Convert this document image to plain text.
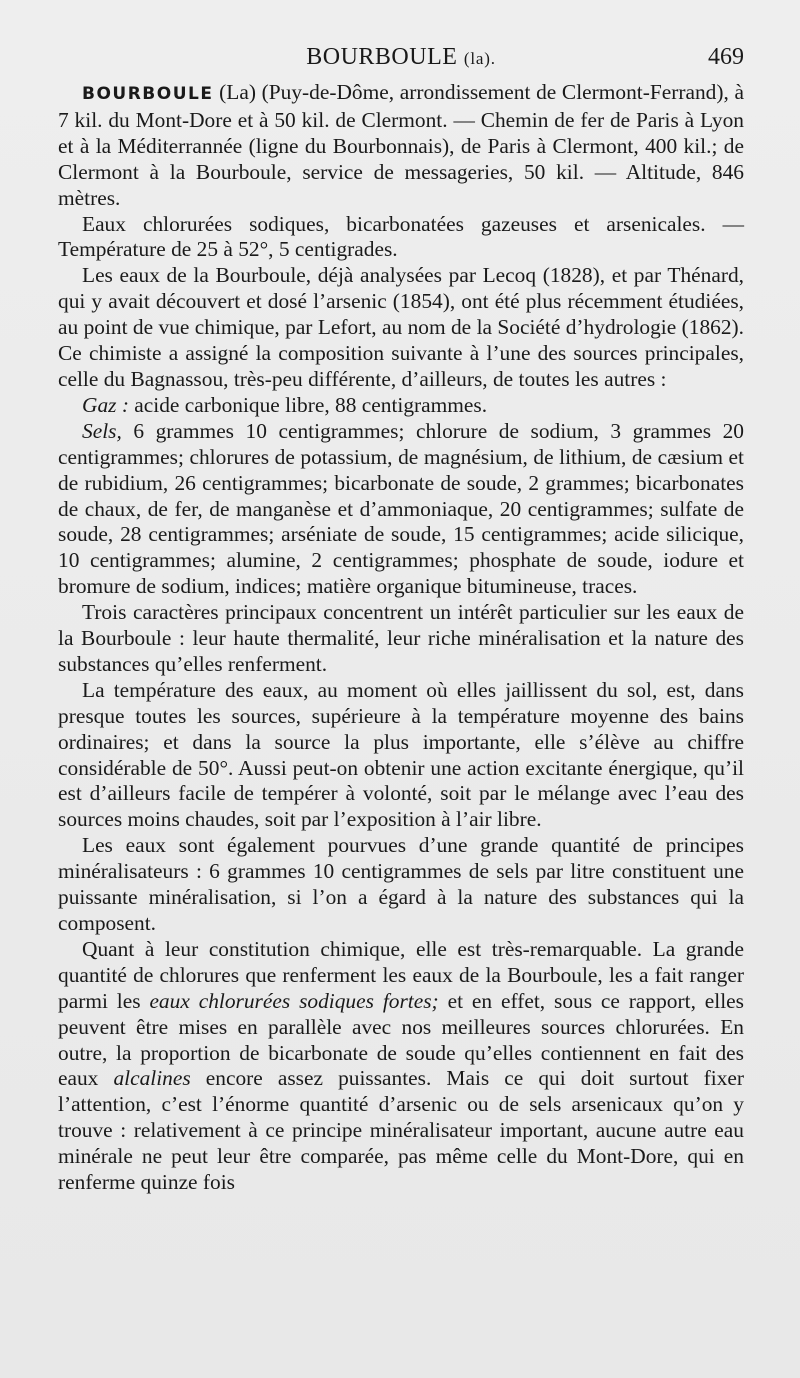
BOURBOULE (la).	469

BOURBOULE (La) (Puy-de-Dôme, arrondissement de Clermont-Ferrand), à 7 kil. du Mont-Dore et à 50 kil. de Clermont. — Chemin de fer de Paris à Lyon et à la Méditerrannée (ligne du Bourbonnais), de Paris à Clermont, 400 kil.; de Clermont à la Bourboule, service de messageries, 50 kil. — Altitude, 846 mètres.

Eaux chlorurées sodiques, bicarbonatées gazeuses et arsenicales. — Température de 25 à 52°, 5 centigrades.

Les eaux de la Bourboule, déjà analysées par Lecoq (1828), et par Thénard, qui y avait découvert et dosé l’arsenic (1854), ont été plus récemment étudiées, au point de vue chimique, par Lefort, au nom de la Société d’hydrologie (1862). Ce chimiste a assigné la composition suivante à l’une des sources principales, celle du Bagnassou, très-peu différente, d’ailleurs, de toutes les autres :

Gaz : acide carbonique libre, 88 centigrammes.

Sels, 6 grammes 10 centigrammes; chlorure de sodium, 3 grammes 20 centigrammes; chlorures de potassium, de magnésium, de lithium, de cæsium et de rubidium, 26 centigrammes; bicarbonate de soude, 2 grammes; bicarbonates de chaux, de fer, de manganèse et d’ammoniaque, 20 centigrammes; sulfate de soude, 28 centigrammes; arséniate de soude, 15 centigrammes; acide silicique, 10 centigrammes; alumine, 2 centigrammes; phosphate de soude, iodure et bromure de sodium, indices; matière organique bitumineuse, traces.

Trois caractères principaux concentrent un intérêt particulier sur les eaux de la Bourboule : leur haute thermalité, leur riche minéralisation et la nature des substances qu’elles renferment.

La température des eaux, au moment où elles jaillissent du sol, est, dans presque toutes les sources, supérieure à la température moyenne des bains ordinaires; et dans la source la plus importante, elle s’élève au chiffre considérable de 50°. Aussi peut-on obtenir une action excitante énergique, qu’il est d’ailleurs facile de tempérer à volonté, soit par le mélange avec l’eau des sources moins chaudes, soit par l’exposition à l’air libre.

Les eaux sont également pourvues d’une grande quantité de principes minéralisateurs : 6 grammes 10 centigrammes de sels par litre constituent une puissante minéralisation, si l’on a égard à la nature des substances qui la composent.

Quant à leur constitution chimique, elle est très-remarquable. La grande quantité de chlorures que renferment les eaux de la Bourboule, les a fait ranger parmi les eaux chlorurées sodiques fortes; et en effet, sous ce rapport, elles peuvent être mises en parallèle avec nos meilleures sources chlorurées. En outre, la proportion de bicarbonate de soude qu’elles contiennent en fait des eaux alcalines encore assez puissantes. Mais ce qui doit surtout fixer l’attention, c’est l’énorme quantité d’arsenic ou de sels arsenicaux qu’on y trouve : relativement à ce principe minéralisateur important, aucune autre eau minérale ne peut leur être comparée, pas même celle du Mont-Dore, qui en renferme quinze fois
